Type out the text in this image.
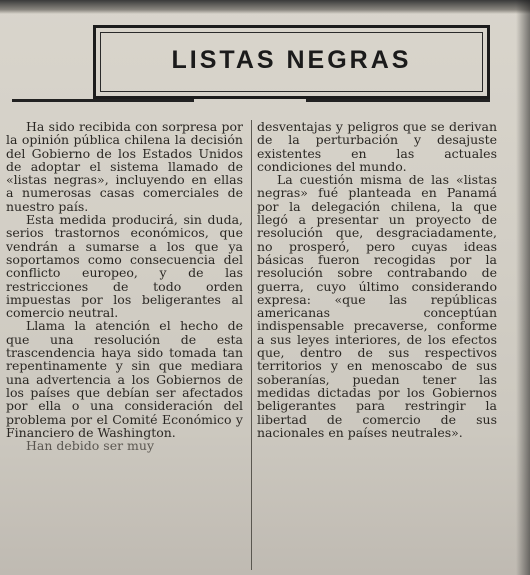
LISTAS NEGRAS

Ha sido recibida con sorpresa por la opinión pública chilena la decisión del Gobierno de los Estados Unidos de adoptar el sistema llamado de «listas negras», incluyendo en ellas a numerosas casas comerciales de nuestro país.

Esta medida producirá, sin duda, serios trastornos económicos, que vendrán a sumarse a los que ya soportamos como consecuencia del conflicto europeo, y de las restricciones de todo orden impuestas por los beligerantes al comercio neutral.

Llama la atención el hecho de que una resolución de esta trascendencia haya sido tomada tan repentinamente y sin que mediara una advertencia a los Gobiernos de los países que debían ser afectados por ella o una consideración del problema por el Comité Económico y Financiero de Washington.

Han debido ser muy

desventajas y peligros que se derivan de la perturbación y desajuste existentes en las actuales condiciones del mundo.

La cuestión misma de las «listas negras» fué planteada en Panamá por la delegación chilena, la que llegó a presentar un proyecto de resolución que, desgraciadamente, no prosperó, pero cuyas ideas básicas fueron recogidas por la resolución sobre contrabando de guerra, cuyo último considerando expresa: «que las repúblicas americanas conceptúan indispensable precaverse, conforme a sus leyes interiores, de los efectos que, dentro de sus respectivos territorios y en menoscabo de sus soberanías, puedan tener las medidas dictadas por los Gobiernos beligerantes para restringir la libertad de comercio de sus nacionales en países neutrales».
